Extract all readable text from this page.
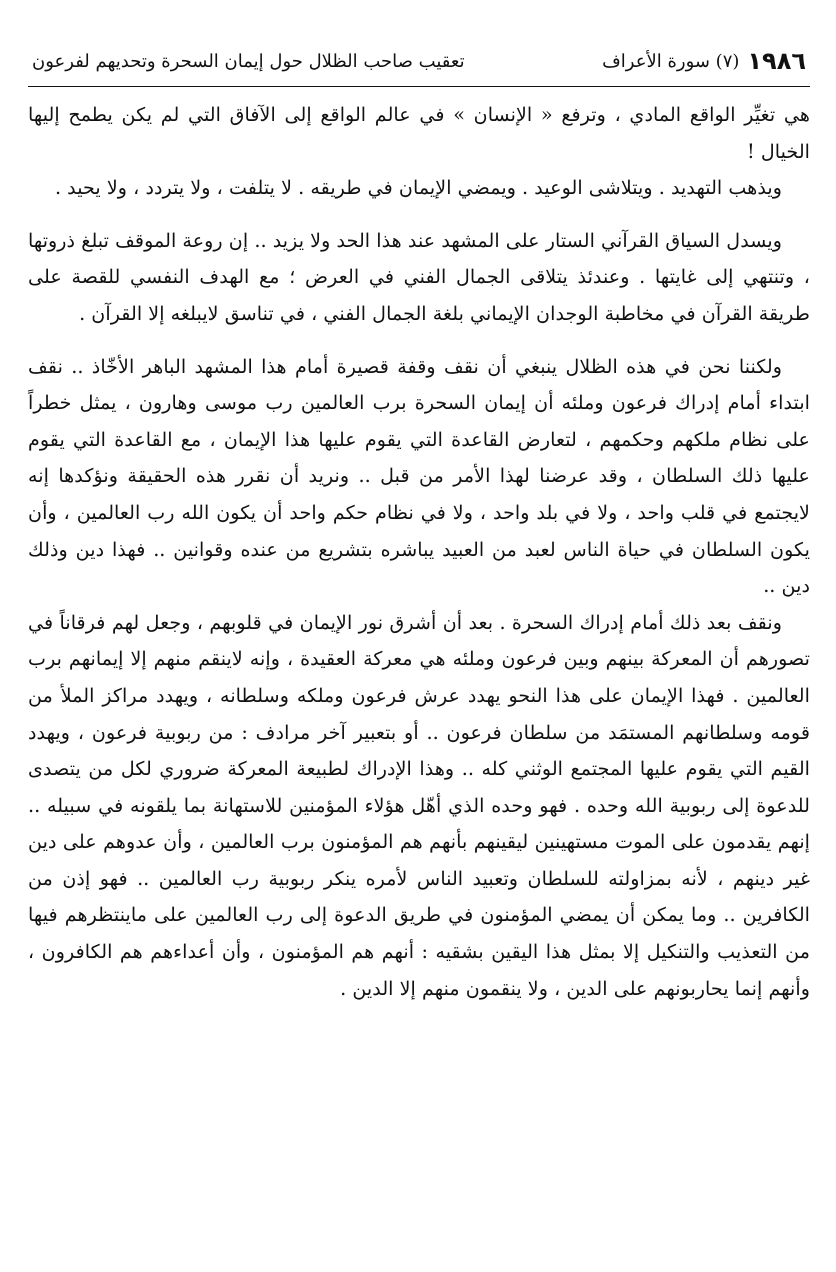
١٩٨٦
(٧) سورة الأعراف
تعقيب صاحب الظلال حول إيمان السحرة وتحديهم لفرعون

هي تغيِّر الواقع المادي ، وترفع « الإنسان » في عالم الواقع إلى الآفاق التي لم يكن يطمح إليها الخيال !

ويذهب التهديد . ويتلاشى الوعيد . ويمضي الإيمان في طريقه . لا يتلفت ، ولا يتردد ، ولا يحيد .

ويسدل السياق القرآني الستار على المشهد عند هذا الحد ولا يزيد .. إن روعة الموقف تبلغ ذروتها ، وتنتهي إلى غايتها . وعندئذ يتلاقى الجمال الفني في العرض ؛ مع الهدف النفسي للقصة على طريقة القرآن في مخاطبة الوجدان الإيماني بلغة الجمال الفني ، في تناسق لايبلغه إلا القرآن .

ولكننا نحن في هذه الظلال ينبغي أن نقف وقفة قصيرة أمام هذا المشهد الباهر الأخّاذ .. نقف ابتداء أمام إدراك فرعون وملئه أن إيمان السحرة برب العالمين رب موسى وهارون ، يمثل خطراً على نظام ملكهم وحكمهم ، لتعارض القاعدة التي يقوم عليها هذا الإيمان ، مع القاعدة التي يقوم عليها ذلك السلطان ، وقد عرضنا لهذا الأمر من قبل .. ونريد أن نقرر هذه الحقيقة ونؤكدها إنه لايجتمع في قلب واحد ، ولا في بلد واحد ، ولا في نظام حكم واحد أن يكون الله رب العالمين ، وأن يكون السلطان في حياة الناس لعبد من العبيد يباشره بتشريع من عنده وقوانين .. فهذا دين وذلك دين ..

ونقف بعد ذلك أمام إدراك السحرة . بعد أن أشرق نور الإيمان في قلوبهم ، وجعل لهم فرقاناً في تصورهم أن المعركة بينهم وبين فرعون وملئه هي معركة العقيدة ، وإنه لاينقم منهم إلا إيمانهم برب العالمين . فهذا الإيمان على هذا النحو يهدد عرش فرعون وملكه وسلطانه ، ويهدد مراكز الملأ من قومه وسلطانهم المستمَد من سلطان فرعون .. أو بتعبير آخر مرادف : من ربوبية فرعون ، ويهدد القيم التي يقوم عليها المجتمع الوثني كله .. وهذا الإدراك لطبيعة المعركة ضروري لكل من يتصدى للدعوة إلى ربوبية الله وحده . فهو وحده الذي أهّل هؤلاء المؤمنين للاستهانة بما يلقونه في سبيله .. إنهم يقدمون على الموت مستهينين ليقينهم بأنهم هم المؤمنون برب العالمين ، وأن عدوهم على دين غير دينهم ، لأنه بمزاولته للسلطان وتعبيد الناس لأمره ينكر ربوبية رب العالمين .. فهو إذن من الكافرين .. وما يمكن أن يمضي المؤمنون في طريق الدعوة إلى رب العالمين على ماينتظرهم فيها من التعذيب والتنكيل إلا بمثل هذا اليقين بشقيه : أنهم هم المؤمنون ، وأن أعداءهم هم الكافرون ، وأنهم إنما يحاربونهم على الدين ، ولا ينقمون منهم إلا الدين .
